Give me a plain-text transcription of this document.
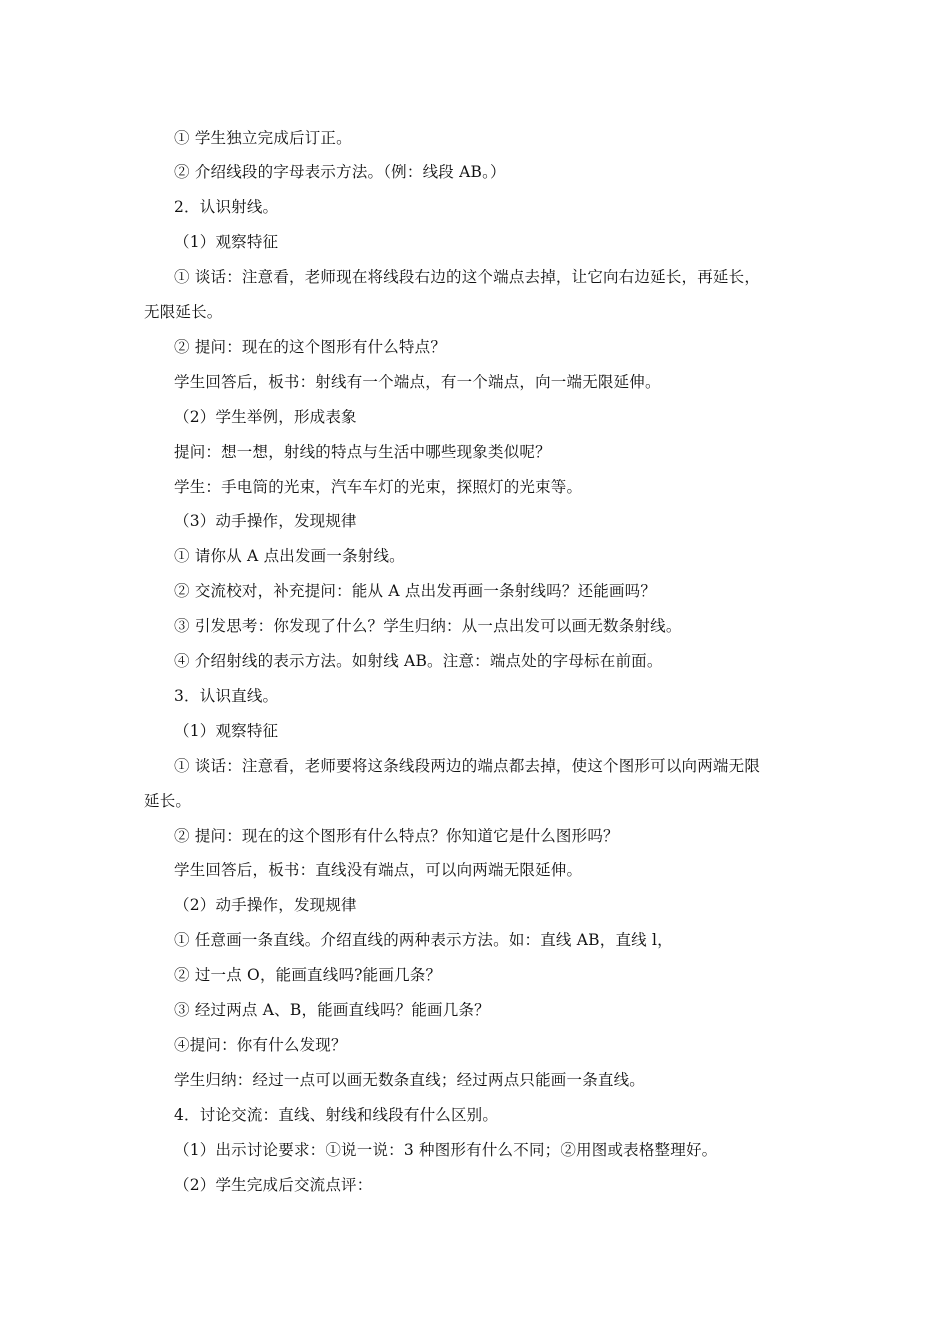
① 学生独立完成后订正。
② 介绍线段的字母表示方法。（例：线段 AB。）
2．认识射线。
（1）观察特征
① 谈话：注意看，老师现在将线段右边的这个端点去掉，让它向右边延长，再延长，
无限延长。
② 提问：现在的这个图形有什么特点？
学生回答后，板书：射线有一个端点，有一个端点，向一端无限延伸。
（2）学生举例，形成表象
提问：想一想，射线的特点与生活中哪些现象类似呢？
学生：手电筒的光束，汽车车灯的光束，探照灯的光束等。
（3）动手操作，发现规律
① 请你从 A 点出发画一条射线。
② 交流校对，补充提问：能从 A 点出发再画一条射线吗？还能画吗？
③ 引发思考：你发现了什么？学生归纳：从一点出发可以画无数条射线。
④ 介绍射线的表示方法。如射线 AB。注意：端点处的字母标在前面。
3．认识直线。
（1）观察特征
① 谈话：注意看，老师要将这条线段两边的端点都去掉，使这个图形可以向两端无限
延长。
② 提问：现在的这个图形有什么特点？你知道它是什么图形吗？
学生回答后，板书：直线没有端点，可以向两端无限延伸。
（2）动手操作，发现规律
① 任意画一条直线。介绍直线的两种表示方法。如：直线 AB，直线 l，
② 过一点 O，能画直线吗?能画几条？
③ 经过两点 A、B，能画直线吗？能画几条？
④提问：你有什么发现？
学生归纳：经过一点可以画无数条直线；经过两点只能画一条直线。
4．讨论交流：直线、射线和线段有什么区别。
（1）出示讨论要求：①说一说：3 种图形有什么不同；②用图或表格整理好。
（2）学生完成后交流点评：
